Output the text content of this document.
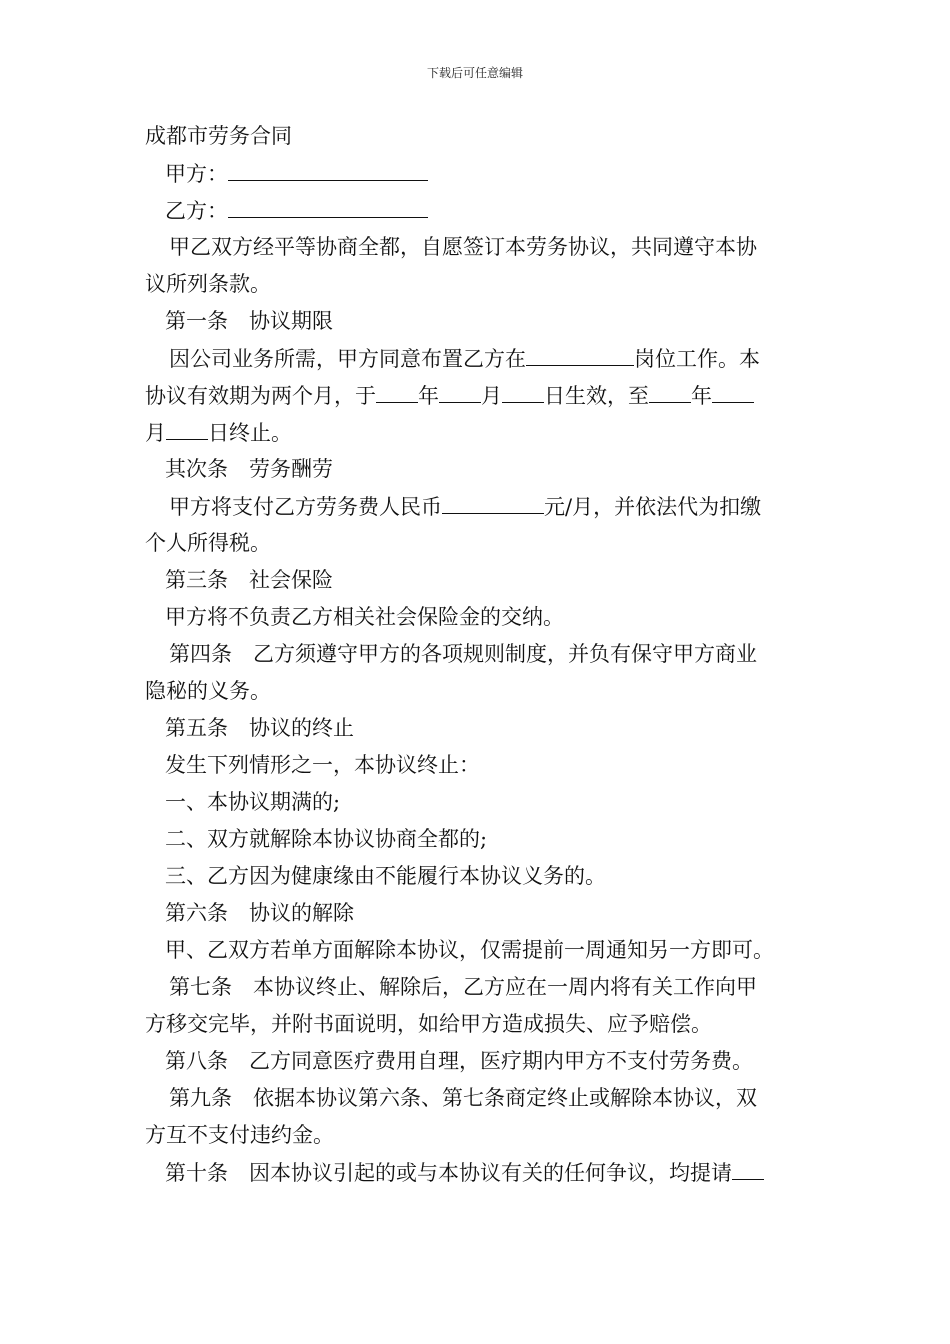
下载后可任意编辑
成都市劳务合同
甲方：
乙方：
甲乙双方经平等协商全都，自愿签订本劳务协议，共同遵守本协
议所列条款。
第一条　协议期限
因公司业务所需，甲方同意布置乙方在	岗位工作。本
协议有效期为两个月，于 年 月 日生效，至 年
月 日终止。
其次条　劳务酬劳
甲方将支付乙方劳务费人民币	元/月，并依法代为扣缴
个人所得税。
第三条　社会保险
甲方将不负责乙方相关社会保险金的交纳。
第四条　乙方须遵守甲方的各项规则制度，并负有保守甲方商业
隐秘的义务。
第五条　协议的终止
发生下列情形之一，本协议终止：
一、本协议期满的;
二、双方就解除本协议协商全都的;
三、乙方因为健康缘由不能履行本协议义务的。
第六条　协议的解除
甲、乙双方若单方面解除本协议，仅需提前一周通知另一方即可。
第七条　本协议终止、解除后，乙方应在一周内将有关工作向甲
方移交完毕，并附书面说明，如给甲方造成损失、应予赔偿。
第八条　乙方同意医疗费用自理，医疗期内甲方不支付劳务费。
第九条　依据本协议第六条、第七条商定终止或解除本协议，双
方互不支付违约金。
第十条　因本协议引起的或与本协议有关的任何争议，均提请
